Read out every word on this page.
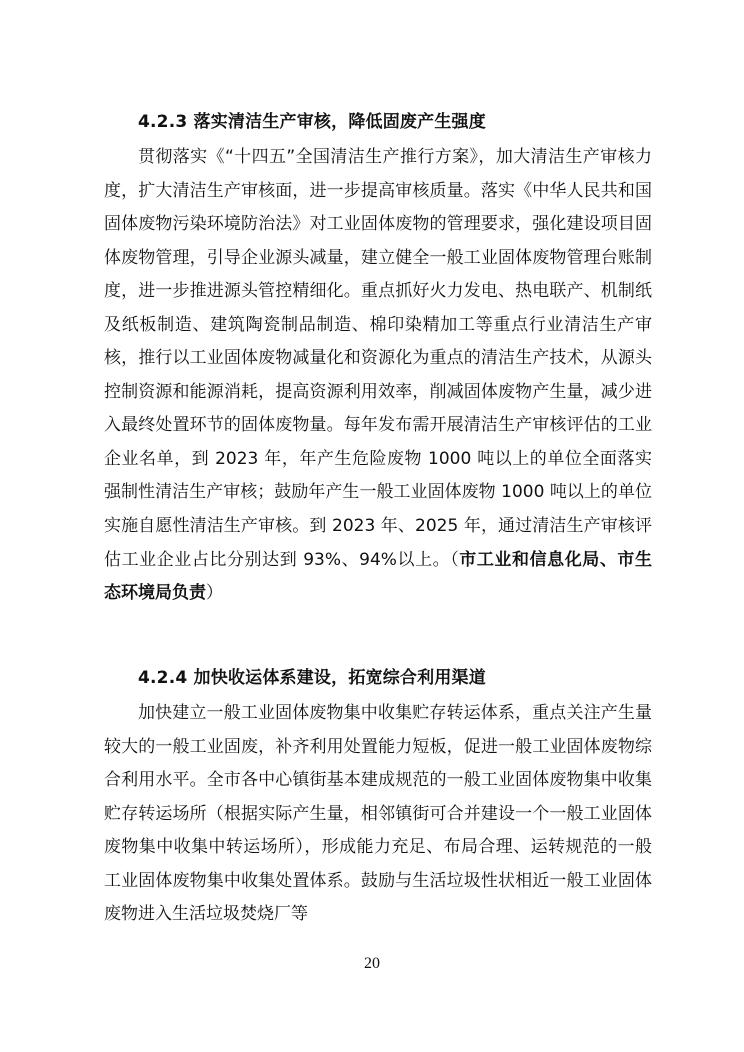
4.2.3 落实清洁生产审核，降低固废产生强度
贯彻落实《“十四五”全国清洁生产推行方案》，加大清洁生产审核力度，扩大清洁生产审核面，进一步提高审核质量。落实《中华人民共和国固体废物污染环境防治法》对工业固体废物的管理要求，强化建设项目固体废物管理，引导企业源头减量，建立健全一般工业固体废物管理台账制度，进一步推进源头管控精细化。重点抓好火力发电、热电联产、机制纸及纸板制造、建筑陶瓷制品制造、棉印染精加工等重点行业清洁生产审核，推行以工业固体废物减量化和资源化为重点的清洁生产技术，从源头控制资源和能源消耗，提高资源利用效率，削减固体废物产生量，减少进入最终处置环节的固体废物量。每年发布需开展清洁生产审核评估的工业企业名单，到 2023 年，年产生危险废物 1000 吨以上的单位全面落实强制性清洁生产审核；鼓励年产生一般工业固体废物 1000 吨以上的单位实施自愿性清洁生产审核。到 2023 年、2025 年，通过清洁生产审核评估工业企业占比分别达到 93%、94%以上。（市工业和信息化局、市生态环境局负责）
4.2.4 加快收运体系建设，拓宽综合利用渠道
加快建立一般工业固体废物集中收集贮存转运体系，重点关注产生量较大的一般工业固废，补齐利用处置能力短板，促进一般工业固体废物综合利用水平。全市各中心镇街基本建成规范的一般工业固体废物集中收集贮存转运场所（根据实际产生量，相邻镇街可合并建设一个一般工业固体废物集中收集中转运场所），形成能力充足、布局合理、运转规范的一般工业固体废物集中收集处置体系。鼓励与生活垃圾性状相近一般工业固体废物进入生活垃圾焚烧厂等
20
